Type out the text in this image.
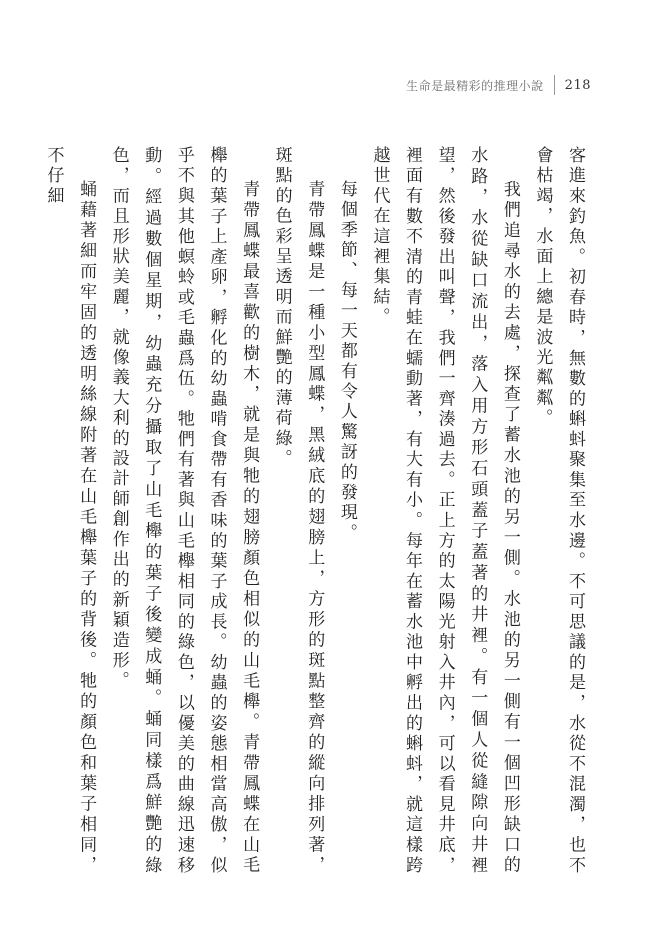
生命是最精彩的推理小說 218

客進來釣魚。初春時，無數的蝌蚪聚集至水邊。不可思議的是，水從不混濁，也不會枯竭，水面上總是波光粼粼。

我們追尋水的去處，探查了蓄水池的另一側。水池的另一側有一個凹形缺口的水路，水從缺口流出，落入用方形石頭蓋子蓋著的井裡。有一個人從縫隙向井裡望，然後發出叫聲，我們一齊湊過去。正上方的太陽光射入井內，可以看見井底，裡面有數不清的青蛙在蠕動著，有大有小。每年在蓄水池中孵出的蝌蚪，就這樣跨越世代在這裡集結。

每個季節、每一天都有令人驚訝的發現。

青帶鳳蝶是一種小型鳳蝶，黑絨底的翅膀上，方形的斑點整齊的縱向排列著，斑點的色彩呈透明而鮮艷的薄荷綠。

青帶鳳蝶最喜歡的樹木，就是與牠的翅膀顏色相似的山毛櫸。青帶鳳蝶在山毛櫸的葉子上產卵，孵化的幼蟲啃食帶有香味的葉子成長。幼蟲的姿態相當高傲，似乎不與其他螟蛉或毛蟲爲伍。牠們有著與山毛櫸相同的綠色，以優美的曲線迅速移動。經過數個星期，幼蟲充分攝取了山毛櫸的葉子後變成蛹。蛹同樣爲鮮艷的綠色，而且形狀美麗，就像義大利的設計師創作出的新穎造形。

蛹藉著細而牢固的透明絲線附著在山毛櫸葉子的背後。牠的顏色和葉子相同，不仔細
